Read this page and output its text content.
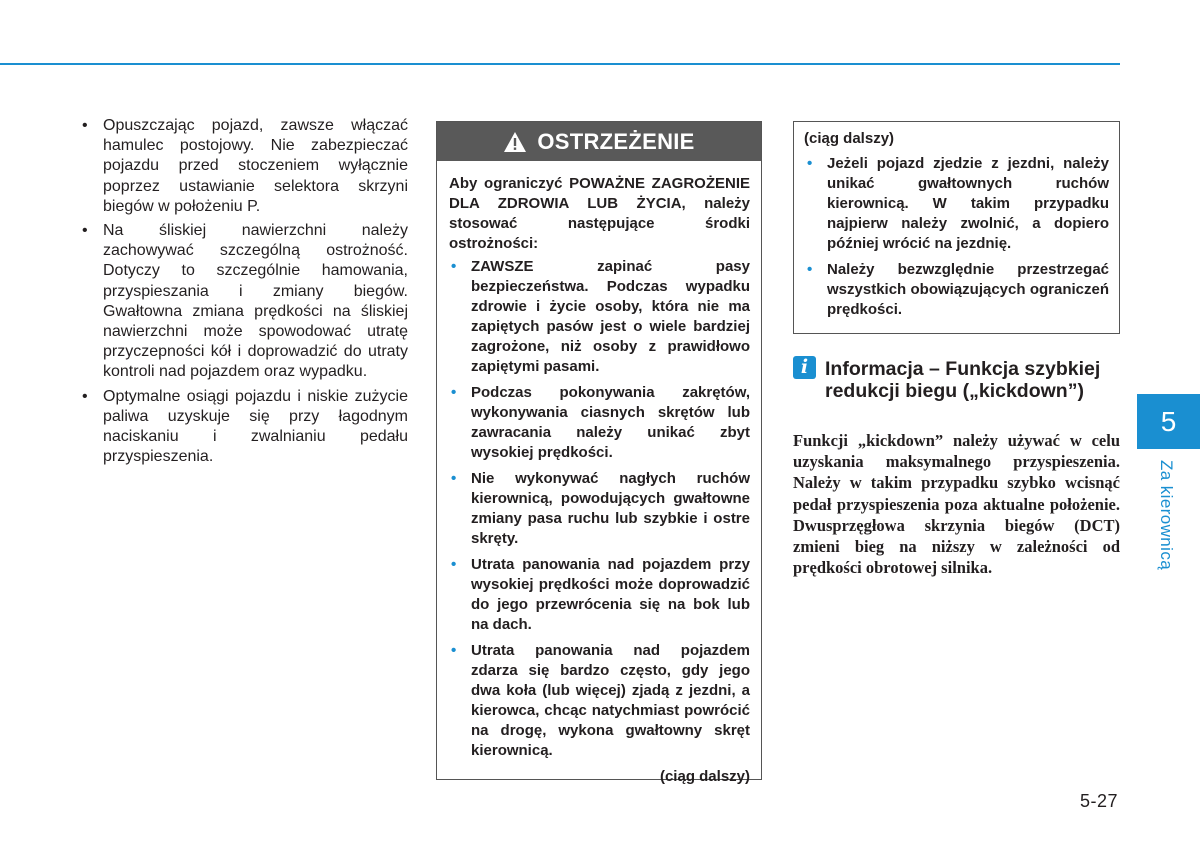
• Opuszczając pojazd, zawsze włączać hamulec postojowy. Nie zabezpieczać pojazdu przed stoczeniem wyłącznie poprzez ustawianie selektora skrzyni biegów w położeniu P.
• Na śliskiej nawierzchni należy zachowywać szczególną ostrożność. Dotyczy to szczególnie hamowania, przyspieszania i zmiany biegów. Gwałtowna zmiana prędkości na śliskiej nawierzchni może spowodować utratę przyczepności kół i doprowadzić do utraty kontroli nad pojazdem oraz wypadku.
• Optymalne osiągi pojazdu i niskie zużycie paliwa uzyskuje się przy łagodnym naciskaniu i zwalnianiu pedału przyspieszenia.
OSTRZEŻENIE

Aby ograniczyć POWAŻNE ZAGROŻENIE DLA ZDROWIA LUB ŻYCIA, należy stosować następujące środki ostrożności:

• ZAWSZE zapinać pasy bezpieczeństwa. Podczas wypadku zdrowie i życie osoby, która nie ma zapiętych pasów jest o wiele bardziej zagrożone, niż osoby z prawidłowo zapiętymi pasami.
• Podczas pokonywania zakrętów, wykonywania ciasnych skrętów lub zawracania należy unikać zbyt wysokiej prędkości.
• Nie wykonywać nagłych ruchów kierownicą, powodujących gwałtowne zmiany pasa ruchu lub szybkie i ostre skręty.
• Utrata panowania nad pojazdem przy wysokiej prędkości może doprowadzić do jego przewrócenia się na bok lub na dach.
• Utrata panowania nad pojazdem zdarza się bardzo często, gdy jego dwa koła (lub więcej) zjadą z jezdni, a kierowca, chcąc natychmiast powrócić na drogę, wykona gwałtowny skręt kierownicą.
(ciąg dalszy)

(ciąg dalszy)

• Jeżeli pojazd zjedzie z jezdni, należy unikać gwałtownych ruchów kierownicą. W takim przypadku najpierw należy zwolnić, a dopiero później wrócić na jezdnię.
• Należy bezwzględnie przestrzegać wszystkich obowiązujących ograniczeń prędkości.
i Informacja – Funkcja szybkiej redukcji biegu („kickdown”)
Funkcji „kickdown” należy używać w celu uzyskania maksymalnego przyspieszenia. Należy w takim przypadku szybko wcisnąć pedał przyspieszenia poza aktualne położenie. Dwusprzęgłowa skrzynia biegów (DCT) zmieni bieg na niższy w zależności od prędkości obrotowej silnika.
5
Za kierownicą
5-27
